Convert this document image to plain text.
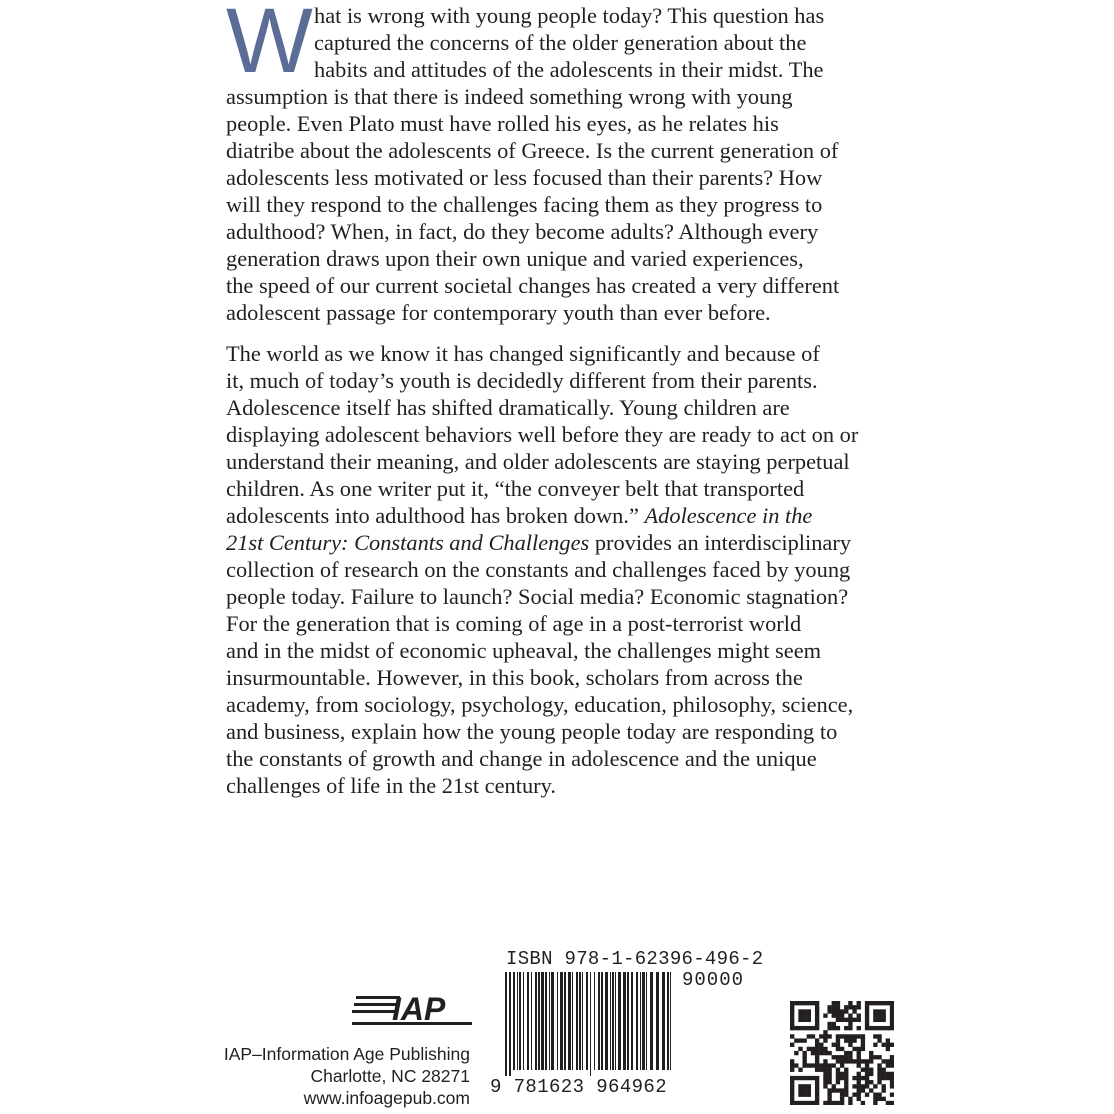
W hat is wrong with young people today? This question has
captured the concerns of the older generation about the
habits and attitudes of the adolescents in their midst. The
assumption is that there is indeed something wrong with young
people. Even Plato must have rolled his eyes, as he relates his
diatribe about the adolescents of Greece. Is the current generation of
adolescents less motivated or less focused than their parents? How
will they respond to the challenges facing them as they progress to
adulthood? When, in fact, do they become adults? Although every
generation draws upon their own unique and varied experiences,
the speed of our current societal changes has created a very different
adolescent passage for contemporary youth than ever before.

The world as we know it has changed significantly and because of
it, much of today’s youth is decidedly different from their parents.
Adolescence itself has shifted dramatically. Young children are
displaying adolescent behaviors well before they are ready to act on or
understand their meaning, and older adolescents are staying perpetual
children. As one writer put it, “the conveyer belt that transported
adolescents into adulthood has broken down.” Adolescence in the
21st Century: Constants and Challenges provides an interdisciplinary
collection of research on the constants and challenges faced by young
people today. Failure to launch? Social media? Economic stagnation?
For the generation that is coming of age in a post-terrorist world
and in the midst of economic upheaval, the challenges might seem
insurmountable. However, in this book, scholars from across the
academy, from sociology, psychology, education, philosophy, science,
and business, explain how the young people today are responding to
the constants of growth and change in adolescence and the unique
challenges of life in the 21st century.

IAP
IAP–Information Age Publishing
Charlotte, NC 28271
www.infoagepub.com
ISBN 978-1-62396-496-2
90000
9 781623 964962
